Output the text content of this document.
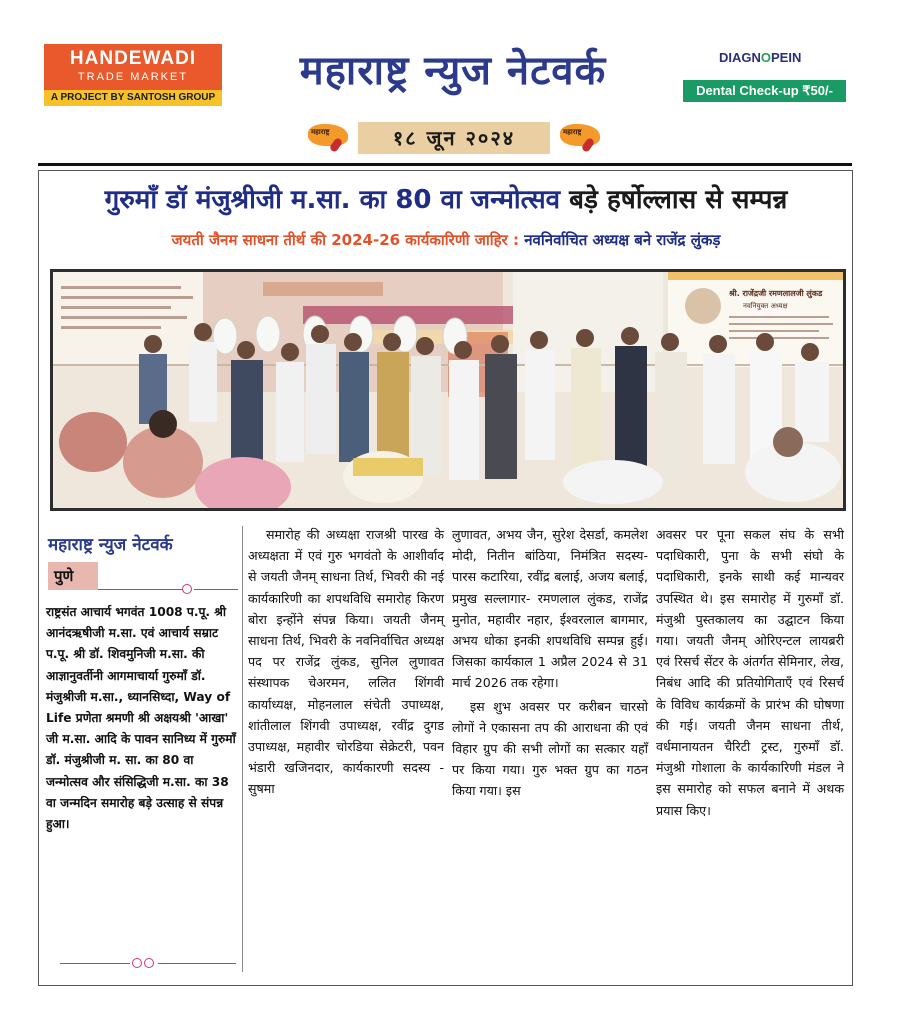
HANDEWADI
TRADE MARKET
A PROJECT BY SANTOSH GROUP
महाराष्ट्र न्युज नेटवर्क	DIAGNOPEIN
Dental Check-up ₹50/-
महाराष्ट्र	१८ जून २०२४	महाराष्ट्र
गुरुमाँ डॉ मंजुश्रीजी म.सा. का 80 वा जन्मोत्सव बड़े हर्षोल्लास से सम्पन्न
जयती जैनम साधना तीर्थ की 2024-26 कार्यकारिणी जाहिर : नवनिर्वाचित अध्यक्ष बने राजेंद्र लुंकड़
श्री. राजेंद्रजी रमणलालजी लुंकड
नवनियुक्त अध्यक्ष
महाराष्ट्र न्युज नेटवर्क
पुणे
राष्ट्रसंत आचार्य भगवंत 1008 प.पू. श्री आनंदऋषीजी म.सा. एवं आचार्य सम्राट प.पू. श्री डॉ. शिवमुनिजी म.सा. की आज्ञानुवर्तीनी आगमाचार्या गुरुमाँ डॉ. मंजुश्रीजी म.सा., ध्यानसिध्दा, Way of Life प्रणेता श्रमणी श्री अक्षयश्री 'आखा' जी म.सा. आदि के पावन सानिध्य में गुरुमाँ डॉ. मंजुश्रीजी म. सा. का 80 वा जन्मोत्सव और संसिद्धिजी म.सा. का 38 वा जन्मदिन समारोह बड़े उत्साह से संपन्न हुआ।

समारोह की अध्यक्षा राजश्री पारख के अध्यक्षता में एवं गुरु भगवंतो के आशीर्वाद से जयती जैनम् साधना तिर्थ, भिवरी की नई कार्यकारिणी का शपथविधि समारोह किरण बोरा इन्होंने संपन्न किया। जयती जैनम् साधना तिर्थ, भिवरी के नवनिर्वाचित अध्यक्ष पद पर राजेंद्र लुंकड, सुनिल लुणावत संस्थापक चेअरमन, ललित शिंगवी कार्याध्यक्ष, मोहनलाल संचेती उपाध्यक्ष, शांतीलाल शिंगवी उपाध्यक्ष, रवींद्र दुगड उपाध्यक्ष, महावीर चोरडिया सेक्रेटरी, पवन भंडारी खजिनदार, कार्यकारणी सदस्य - सुषमा

लुणावत, अभय जैन, सुरेश देसर्डा, कमलेश मोदी, नितीन बांठिया, निमंत्रित सदस्य- पारस कटारिया, रवींद्र बलाई, अजय बलाई, प्रमुख सल्लागार- रमणलाल लुंकड, राजेंद्र मुनोत, महावीर नहार, ईश्वरलाल बागमार, अभय धोका इनकी शपथविधि सम्पन्न हुई। जिसका कार्यकाल 1 अप्रैल 2024 से 31 मार्च 2026 तक रहेगा।

इस शुभ अवसर पर करीबन चारसो लोगों ने एकासना तप की आराधना की एवं विहार ग्रुप की सभी लोगों का सत्कार यहाँ पर किया गया। गुरु भक्त ग्रुप का गठन किया गया। इस

अवसर पर पूना सकल संघ के सभी पदाधिकारी, पुना के सभी संघो के पदाधिकारी, इनके साथी कई मान्यवर उपस्थित थे। इस समारोह में गुरुमाँ डॉ. मंजुश्री पुस्तकालय का उद्घाटन किया गया। जयती जैनम् ओरिएन्टल लायब्ररी एवं रिसर्च सेंटर के अंतर्गत सेमिनार, लेख, निबंध आदि की प्रतियोगिताएँ एवं रिसर्च के विविध कार्यक्रमों के प्रारंभ की घोषणा की गई। जयती जैनम साधना तीर्थ, वर्धमानायतन चैरिटी ट्रस्ट, गुरुमाँ डॉ. मंजुश्री गोशाला के कार्यकारिणी मंडल ने इस समारोह को सफल बनाने में अथक प्रयास किए।
